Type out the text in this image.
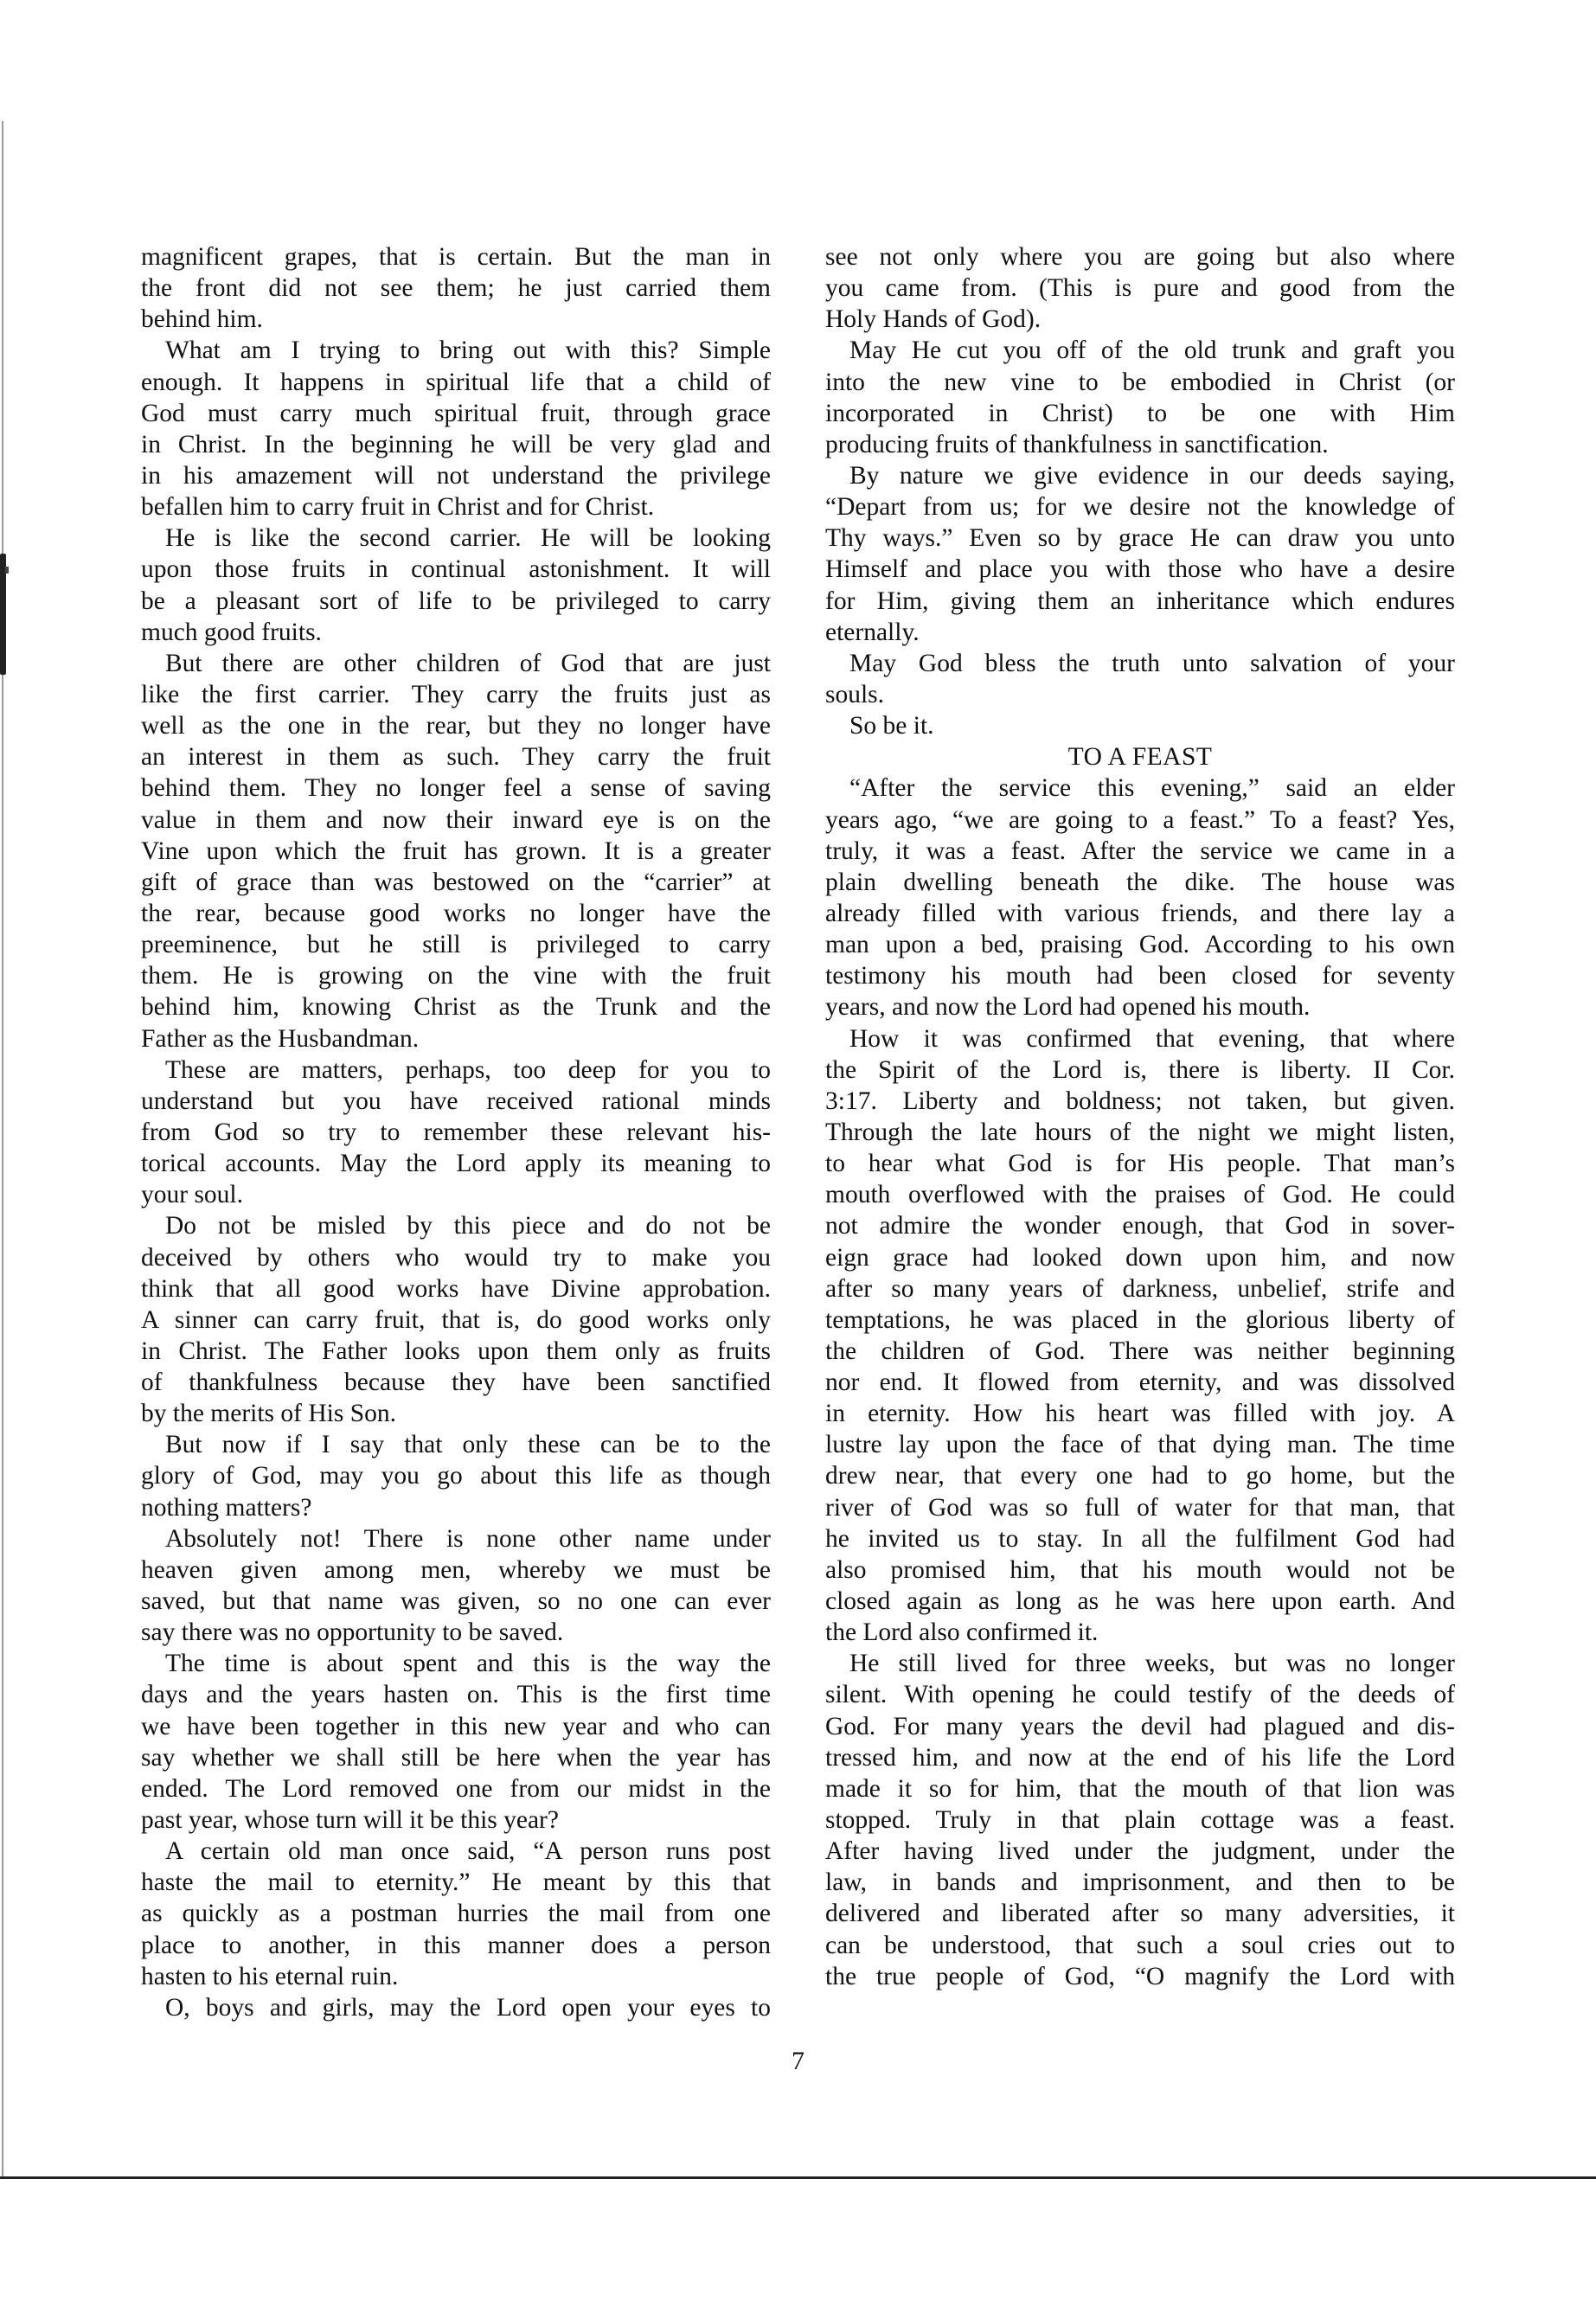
magnificent grapes, that is certain. But the man in
the front did not see them; he just carried them
behind him.
What am I trying to bring out with this? Simple
enough. It happens in spiritual life that a child of
God must carry much spiritual fruit, through grace
in Christ. In the beginning he will be very glad and
in his amazement will not understand the privilege
befallen him to carry fruit in Christ and for Christ.
He is like the second carrier. He will be looking
upon those fruits in continual astonishment. It will
be a pleasant sort of life to be privileged to carry
much good fruits.
But there are other children of God that are just
like the first carrier. They carry the fruits just as
well as the one in the rear, but they no longer have
an interest in them as such. They carry the fruit
behind them. They no longer feel a sense of saving
value in them and now their inward eye is on the
Vine upon which the fruit has grown. It is a greater
gift of grace than was bestowed on the “carrier” at
the rear, because good works no longer have the
preeminence, but he still is privileged to carry
them. He is growing on the vine with the fruit
behind him, knowing Christ as the Trunk and the
Father as the Husbandman.
These are matters, perhaps, too deep for you to
understand but you have received rational minds
from God so try to remember these relevant his-
torical accounts. May the Lord apply its meaning to
your soul.
Do not be misled by this piece and do not be
deceived by others who would try to make you
think that all good works have Divine approbation.
A sinner can carry fruit, that is, do good works only
in Christ. The Father looks upon them only as fruits
of thankfulness because they have been sanctified
by the merits of His Son.
But now if I say that only these can be to the
glory of God, may you go about this life as though
nothing matters?
Absolutely not! There is none other name under
heaven given among men, whereby we must be
saved, but that name was given, so no one can ever
say there was no opportunity to be saved.
The time is about spent and this is the way the
days and the years hasten on. This is the first time
we have been together in this new year and who can
say whether we shall still be here when the year has
ended. The Lord removed one from our midst in the
past year, whose turn will it be this year?
A certain old man once said, “A person runs post
haste the mail to eternity.” He meant by this that
as quickly as a postman hurries the mail from one
place to another, in this manner does a person
hasten to his eternal ruin.
O, boys and girls, may the Lord open your eyes to
see not only where you are going but also where
you came from. (This is pure and good from the
Holy Hands of God).
May He cut you off of the old trunk and graft you
into the new vine to be embodied in Christ (or
incorporated in Christ) to be one with Him
producing fruits of thankfulness in sanctification.
By nature we give evidence in our deeds saying,
“Depart from us; for we desire not the knowledge of
Thy ways.” Even so by grace He can draw you unto
Himself and place you with those who have a desire
for Him, giving them an inheritance which endures
eternally.
May God bless the truth unto salvation of your
souls.
So be it.
TO A FEAST
“After the service this evening,” said an elder
years ago, “we are going to a feast.” To a feast? Yes,
truly, it was a feast. After the service we came in a
plain dwelling beneath the dike. The house was
already filled with various friends, and there lay a
man upon a bed, praising God. According to his own
testimony his mouth had been closed for seventy
years, and now the Lord had opened his mouth.
How it was confirmed that evening, that where
the Spirit of the Lord is, there is liberty. II Cor.
3:17. Liberty and boldness; not taken, but given.
Through the late hours of the night we might listen,
to hear what God is for His people. That man’s
mouth overflowed with the praises of God. He could
not admire the wonder enough, that God in sover-
eign grace had looked down upon him, and now
after so many years of darkness, unbelief, strife and
temptations, he was placed in the glorious liberty of
the children of God. There was neither beginning
nor end. It flowed from eternity, and was dissolved
in eternity. How his heart was filled with joy. A
lustre lay upon the face of that dying man. The time
drew near, that every one had to go home, but the
river of God was so full of water for that man, that
he invited us to stay. In all the fulfilment God had
also promised him, that his mouth would not be
closed again as long as he was here upon earth. And
the Lord also confirmed it.
He still lived for three weeks, but was no longer
silent. With opening he could testify of the deeds of
God. For many years the devil had plagued and dis-
tressed him, and now at the end of his life the Lord
made it so for him, that the mouth of that lion was
stopped. Truly in that plain cottage was a feast.
After having lived under the judgment, under the
law, in bands and imprisonment, and then to be
delivered and liberated after so many adversities, it
can be understood, that such a soul cries out to
the true people of God, “O magnify the Lord with
7
